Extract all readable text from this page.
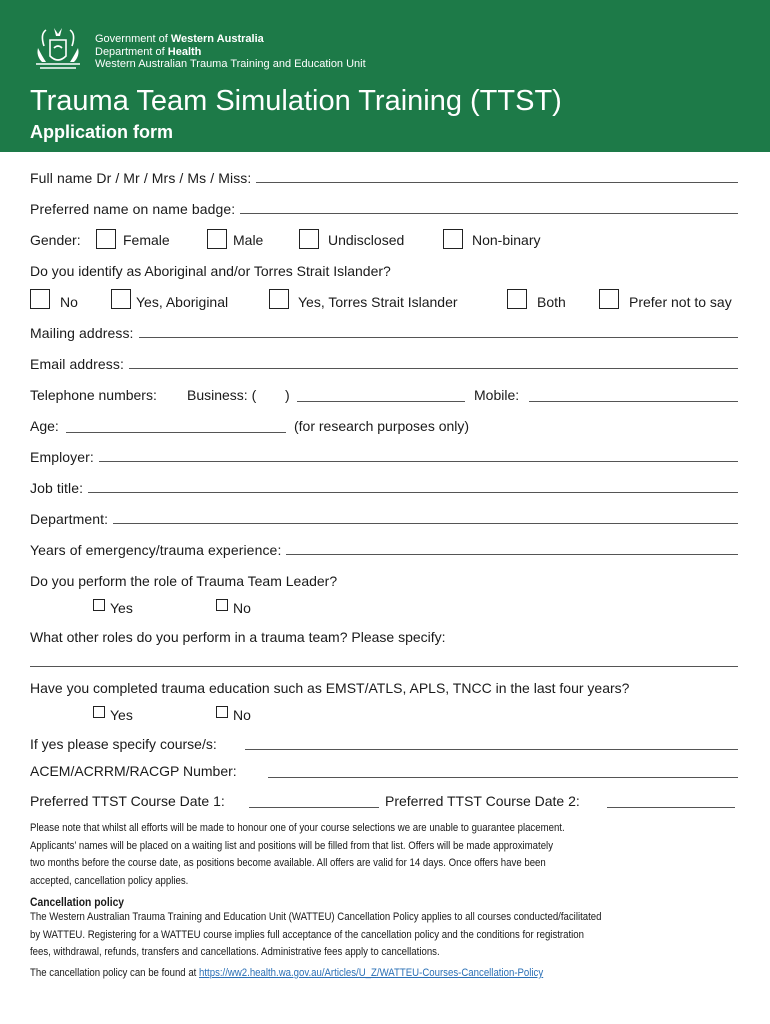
Government of Western Australia
Department of Health
Western Australian Trauma Training and Education Unit
Trauma Team Simulation Training (TTST)
Application form
Full name Dr / Mr / Mrs / Ms / Miss:
Preferred name on name badge:
Gender:	Female	Male	Undisclosed	Non-binary
Do you identify as Aboriginal and/or Torres Strait Islander?
No	Yes, Aboriginal	Yes, Torres Strait Islander	Both	Prefer not to say
Mailing address:
Email address:
Telephone numbers: Business: ( )	Mobile:
Age:	(for research purposes only)
Employer:
Job title:
Department:
Years of emergency/trauma experience:
Do you perform the role of Trauma Team Leader?
Yes	No
What other roles do you perform in a trauma team? Please specify:
Have you completed trauma education such as EMST/ATLS, APLS, TNCC in the last four years?
Yes	No
If yes please specify course/s:
ACEM/ACRRM/RACGP Number:
Preferred TTST Course Date 1:	Preferred TTST Course Date 2:
Please note that whilst all efforts will be made to honour one of your course selections we are unable to guarantee placement.
Applicants’ names will be placed on a waiting list and positions will be filled from that list. Offers will be made approximately
two months before the course date, as positions become available. All offers are valid for 14 days. Once offers have been
accepted, cancellation policy applies.
Cancellation policy
The Western Australian Trauma Training and Education Unit (WATTEU) Cancellation Policy applies to all courses conducted/facilitated
by WATTEU. Registering for a WATTEU course implies full acceptance of the cancellation policy and the conditions for registration
fees, withdrawal, refunds, transfers and cancellations. Administrative fees apply to cancellations.
The cancellation policy can be found at https://ww2.health.wa.gov.au/Articles/U_Z/WATTEU-Courses-Cancellation-Policy
